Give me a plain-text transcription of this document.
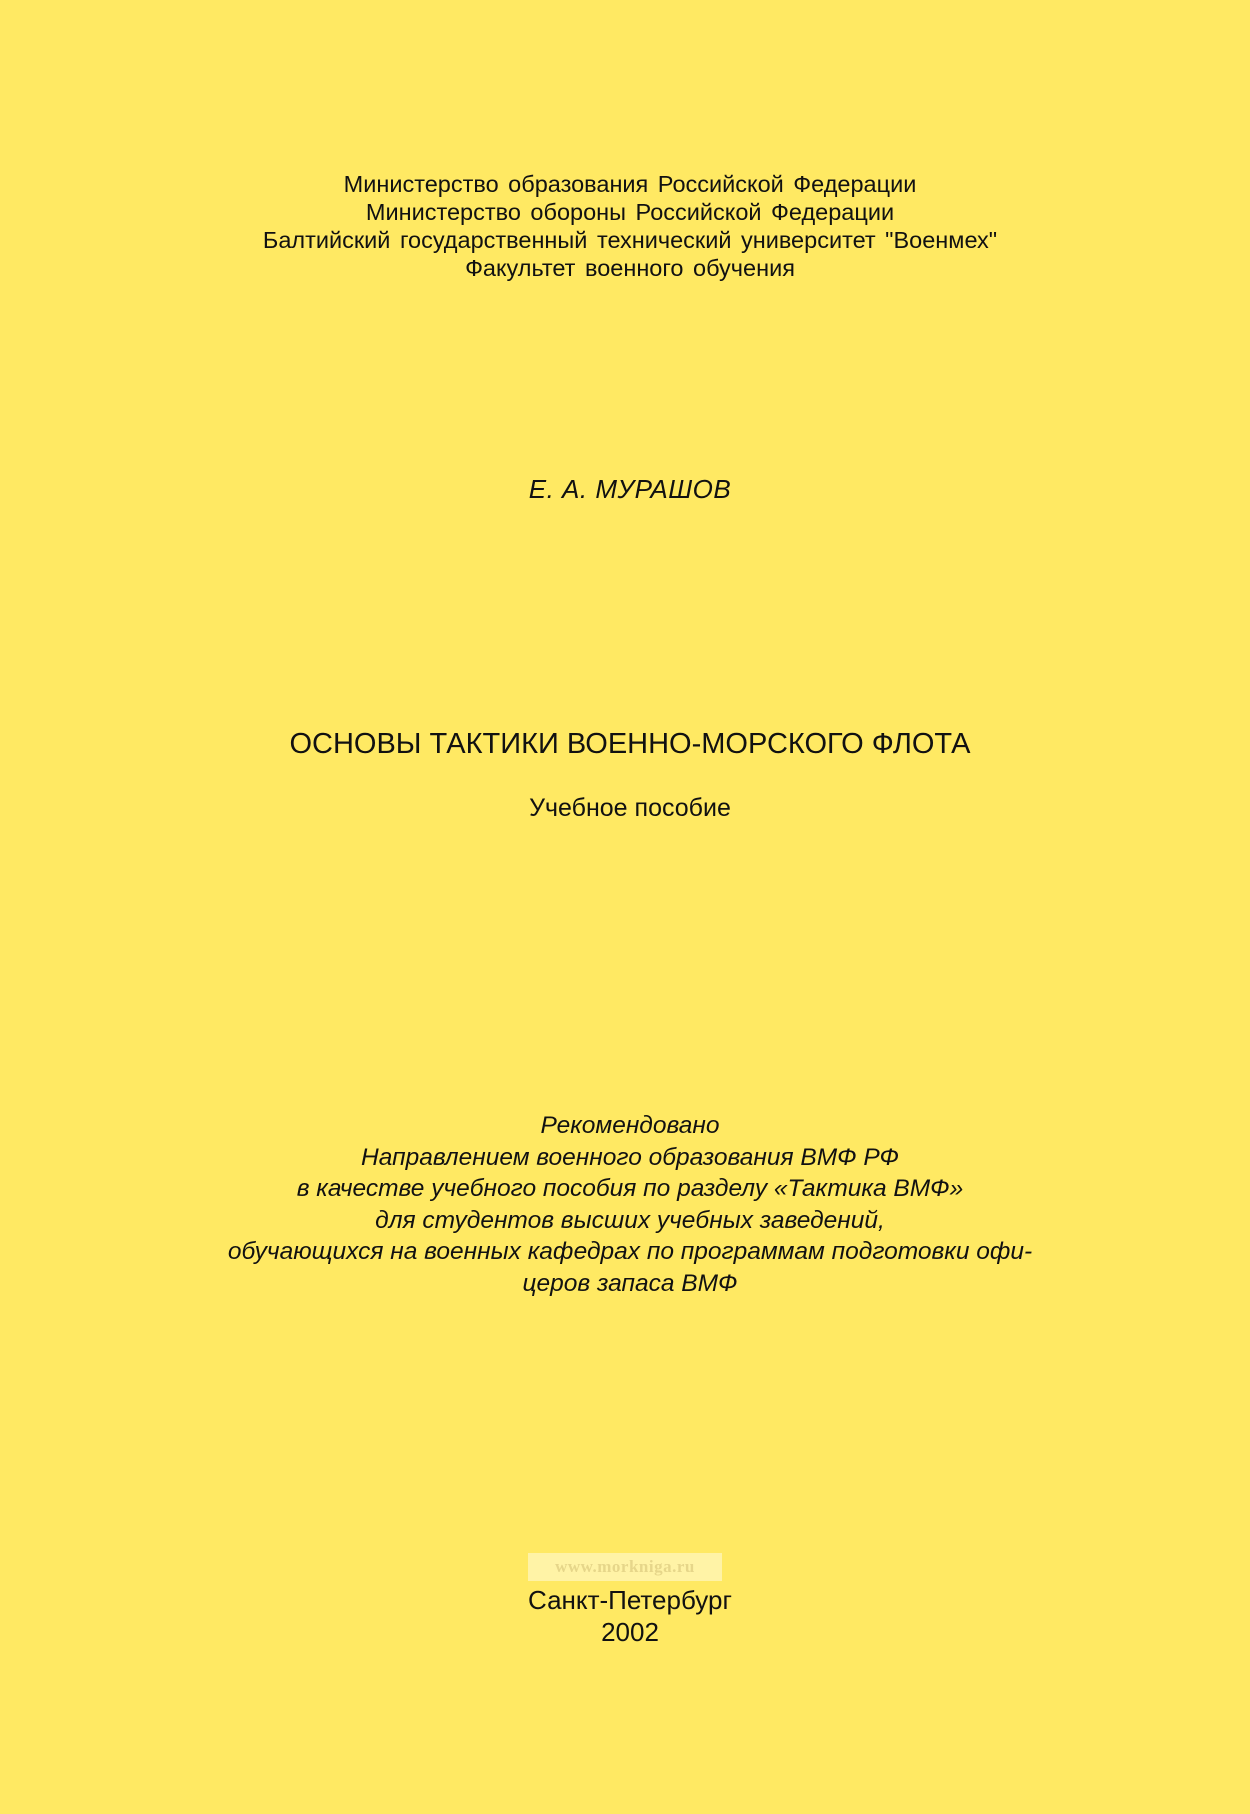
Министерство образования Российской Федерации
Министерство обороны Российской Федерации
Балтийский государственный технический университет "Военмех"
Факультет военного обучения
Е. А. МУРАШОВ
ОСНОВЫ ТАКТИКИ ВОЕННО-МОРСКОГО ФЛОТА
Учебное пособие
Рекомендовано
Направлением военного образования ВМФ РФ
в качестве учебного пособия по разделу «Тактика ВМФ»
для студентов высших учебных заведений,
обучающихся на военных кафедрах по программам подготовки офи-
церов запаса ВМФ
www.morkniga.ru
Санкт-Петербург
2002
